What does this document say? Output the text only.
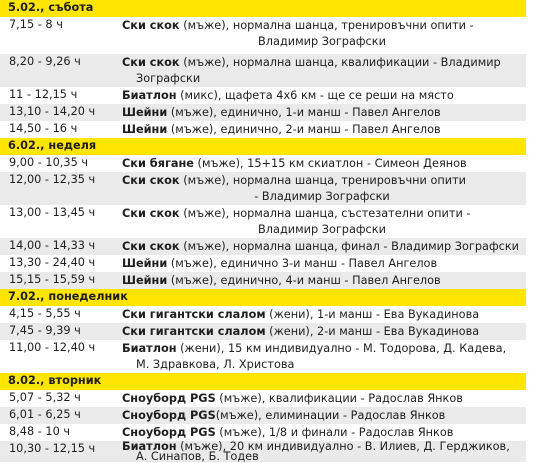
5.02., събота
7,15 - 8 ч	Ски скок (мъже), нормална шанца, тренировъчни опити -
Владимир Зографски
8,20 - 9,26 ч	Ски скок (мъже), нормална шанца, квалификации - Владимир
Зографски
11 - 12,15 ч	Биатлон (микс), щафета 4х6 км - ще се реши на място
13,10 - 14,20 ч Шейни (мъже), единично, 1-и манш - Павел Ангелов
14,50 - 16 ч	Шейни (мъже), единично, 2-и манш - Павел Ангелов
6.02., неделя
9,00 - 10,35 ч	Ски бягане (мъже), 15+15 км скиатлон - Симеон Деянов
12,00 - 12,35 ч Ски скок (мъже), нормална шанца, тренировъчни опити
- Владимир Зографски
13,00 - 13,45 ч Ски скок (мъже), нормална шанца, състезателни опити -
Владимир Зографски
14,00 - 14,33 ч Ски скок (мъже), нормална шанца, финал - Владимир Зографски
13,30 - 24,40 ч Шейни (мъже), единично 3-и манш - Павел Ангелов
15,15 - 15,59 ч Шейни (мъже), единично, 4-и манш - Павел Ангелов
7.02., понеделник
4,15 - 5,55 ч	Ски гигантски слалом (жени), 1-и манш - Ева Вукадинова
7,45 - 9,39 ч	Ски гигантски слалом (жени), 2-и манш - Ева Вукадинова
11,00 - 12,40 ч Биатлон (жени), 15 км индивидуално - М. Тодорова, Д. Кадева,
М. Здравкова, Л. Христова
8.02., вторник
5,07 - 5,32 ч	Сноуборд PGS (мъже), квалификации - Радослав Янков
6,01 - 6,25 ч	Сноуборд PGS(мъже), елиминации - Радослав Янков
8,48 - 10 ч	Сноуборд PGS (мъже), 1/8 и финали - Радослав Янков
10,30 - 12,15 ч Биатлон (мъже), 20 км индивидуално - В. Илиев, Д. Герджиков,
А. Синапов, Б. Тодев
